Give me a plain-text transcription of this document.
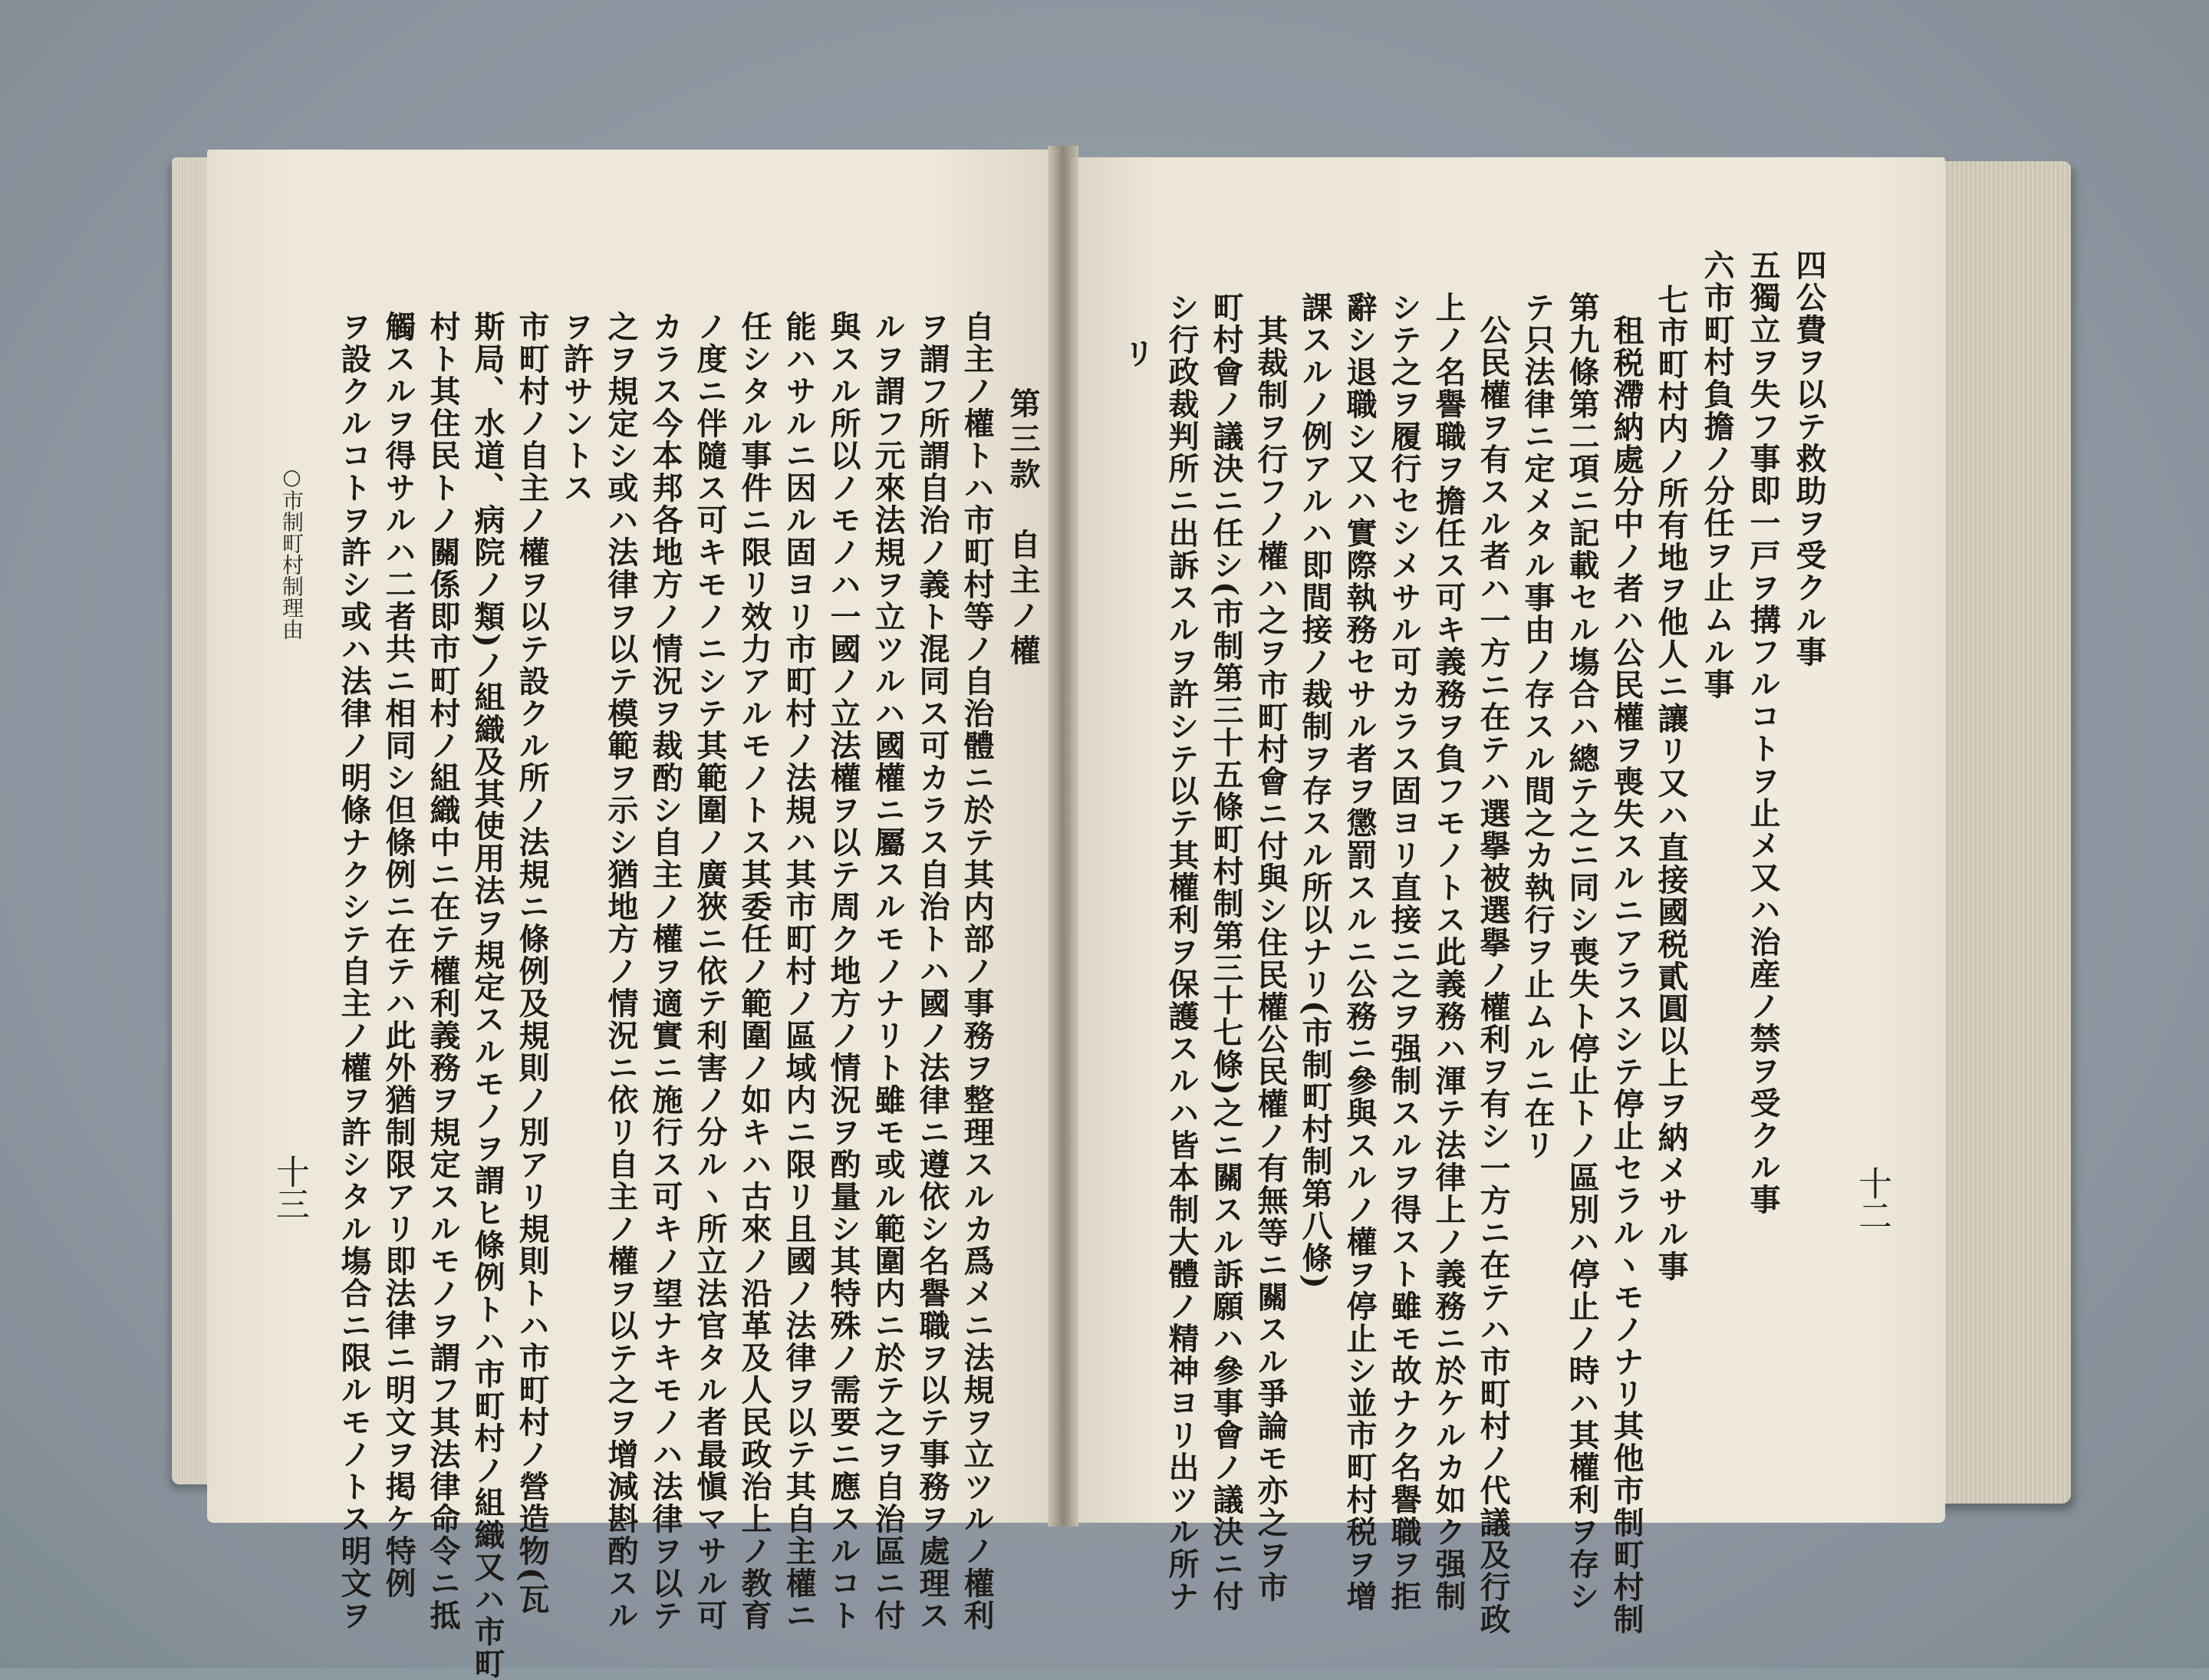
四公費ヲ以テ救助ヲ受クル事
五獨立ヲ失フ事即一戸ヲ搆フルコトヲ止メ又ハ治産ノ禁ヲ受クル事
六市町村負擔ノ分任ヲ止ムル事
七市町村内ノ所有地ヲ他人ニ讓リ又ハ直接國税貳圓以上ヲ納メサル事
租税滯納處分中ノ者ハ公民權ヲ喪失スルニアラスシテ停止セラルヽモノナリ其他市制町村制
第九條第二項ニ記載セル塲合ハ總テ之ニ同シ喪失ト停止トノ區別ハ停止ノ時ハ其權利ヲ存シ
テ只法律ニ定メタル事由ノ存スル間之カ執行ヲ止ムルニ在リ
公民權ヲ有スル者ハ一方ニ在テハ選擧被選擧ノ權利ヲ有シ一方ニ在テハ市町村ノ代議及行政
上ノ名譽職ヲ擔任ス可キ義務ヲ負フモノトス此義務ハ渾テ法律上ノ義務ニ於ケルカ如ク强制
シテ之ヲ履行セシメサル可カラス固ヨリ直接ニ之ヲ强制スルヲ得スト雖モ故ナク名譽職ヲ拒
辭シ退職シ又ハ實際執務セサル者ヲ懲罰スルニ公務ニ參與スルノ權ヲ停止シ並市町村税ヲ增
課スルノ例アルハ即間接ノ裁制ヲ存スル所以ナリ(市制町村制第八條)
其裁制ヲ行フノ權ハ之ヲ市町村會ニ付與シ住民權公民權ノ有無等ニ關スル爭論モ亦之ヲ市
町村會ノ議決ニ任シ(市制第三十五條町村制第三十七條)之ニ關スル訴願ハ參事會ノ議決ニ付
シ行政裁判所ニ出訴スルヲ許シテ以テ其權利ヲ保護スルハ皆本制大體ノ精神ヨリ出ツル所ナ
リ
十二
第三款　自主ノ權
自主ノ權トハ市町村等ノ自治體ニ於テ其内部ノ事務ヲ整理スルカ爲メニ法規ヲ立ツルノ權利
ヲ謂フ所謂自治ノ義ト混同ス可カラス自治トハ國ノ法律ニ遵依シ名譽職ヲ以テ事務ヲ處理ス
ルヲ謂フ元來法規ヲ立ツルハ國權ニ屬スルモノナリト雖モ或ル範圍内ニ於テ之ヲ自治區ニ付
與スル所以ノモノハ一國ノ立法權ヲ以テ周ク地方ノ情況ヲ酌量シ其特殊ノ需要ニ應スルコト
能ハサルニ因ル固ヨリ市町村ノ法規ハ其市町村ノ區域内ニ限リ且國ノ法律ヲ以テ其自主權ニ
任シタル事件ニ限リ效力アルモノトス其委任ノ範圍ノ如キハ古來ノ沿革及人民政治上ノ教育
ノ度ニ伴隨ス可キモノニシテ其範圍ノ廣狹ニ依テ利害ノ分ルヽ所立法官タル者最愼マサル可
カラス今本邦各地方ノ情況ヲ裁酌シ自主ノ權ヲ適實ニ施行ス可キノ望ナキモノハ法律ヲ以テ
之ヲ規定シ或ハ法律ヲ以テ模範ヲ示シ猶地方ノ情況ニ依リ自主ノ權ヲ以テ之ヲ增減斟酌スル
ヲ許サントス
市町村ノ自主ノ權ヲ以テ設クル所ノ法規ニ條例及規則ノ別アリ規則トハ市町村ノ營造物(瓦
斯局、水道、病院ノ類)ノ組織及其使用法ヲ規定スルモノヲ謂ヒ條例トハ市町村ノ組織又ハ市町
村ト其住民トノ關係即市町村ノ組織中ニ在テ權利義務ヲ規定スルモノヲ謂フ其法律命令ニ抵
觸スルヲ得サルハ二者共ニ相同シ但條例ニ在テハ此外猶制限アリ即法律ニ明文ヲ掲ケ特例
ヲ設クルコトヲ許シ或ハ法律ノ明條ナクシテ自主ノ權ヲ許シタル塲合ニ限ルモノトス明文ヲ
○市制町村制理由
十三
